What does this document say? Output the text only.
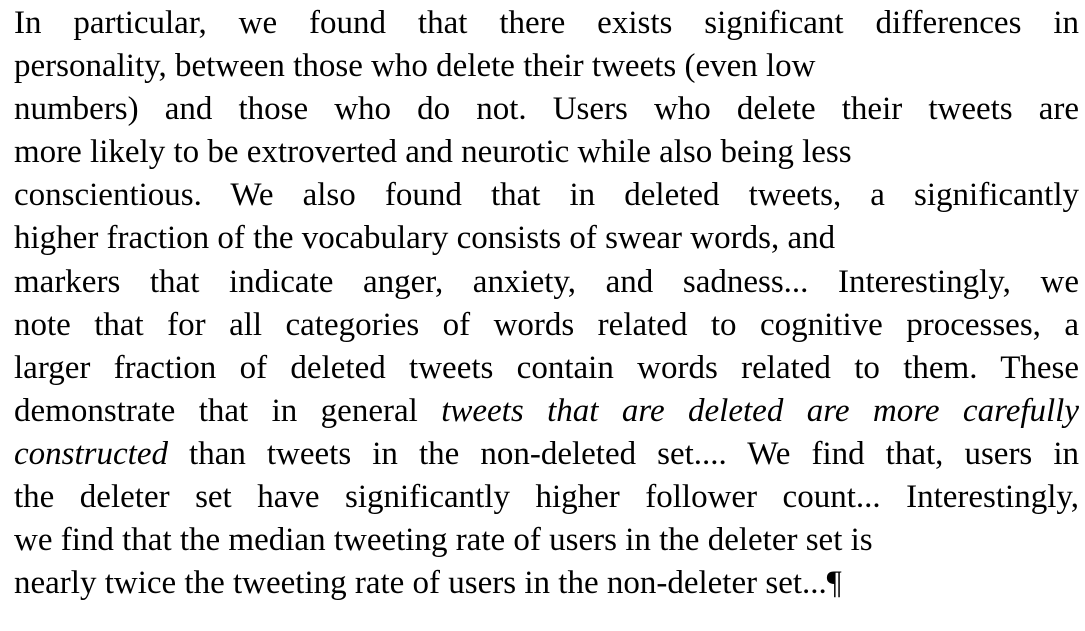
In particular, we found that there exists significant differences in
personality, between those who delete their tweets (even low
numbers) and those who do not. Users who delete their tweets are
more likely to be extroverted and neurotic while also being less
conscientious. We also found that in deleted tweets, a significantly
higher fraction of the vocabulary consists of swear words, and
markers that indicate anger, anxiety, and sadness... Interestingly, we
note that for all categories of words related to cognitive processes, a
larger fraction of deleted tweets contain words related to them. These
demonstrate that in general tweets that are deleted are more carefully
constructed than tweets in the non-deleted set.... We find that, users in
the deleter set have significantly higher follower count... Interestingly,
we find that the median tweeting rate of users in the deleter set is
nearly twice the tweeting rate of users in the non-deleter set...¶
